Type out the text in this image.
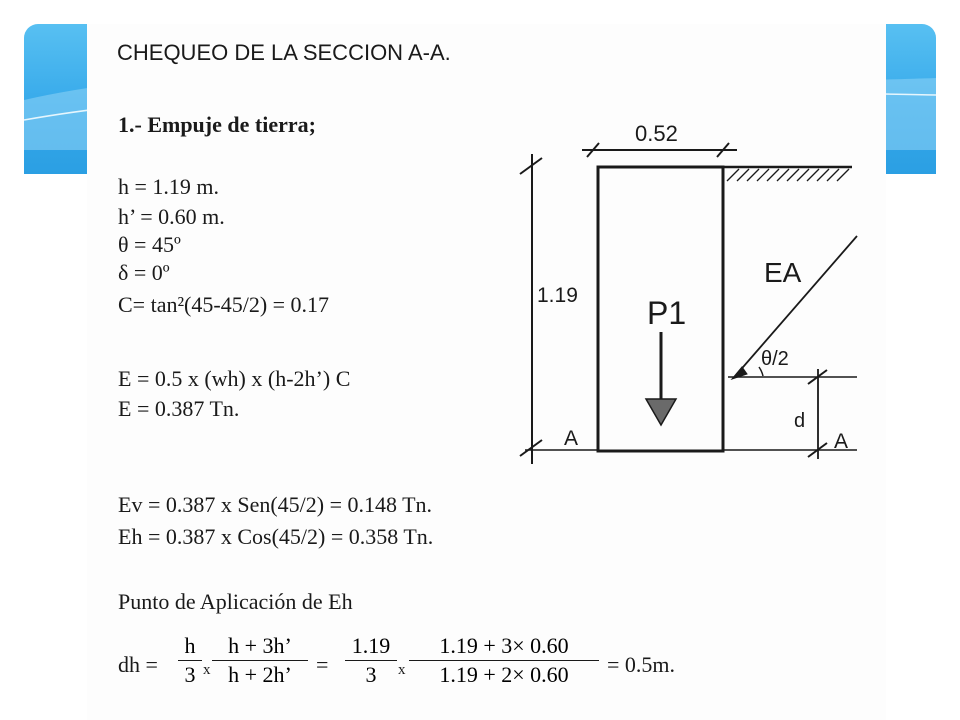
CHEQUEO DE LA SECCION A-A.
1.- Empuje de tierra;
h = 1.19 m.
h’ = 0.60 m.
θ = 45º
δ = 0º
C= tan²(45-45/2) = 0.17
E = 0.5 x (wh) x (h-2h’) C
E = 0.387 Tn.
Ev = 0.387 x Sen(45/2) = 0.148 Tn.
Eh = 0.387 x Cos(45/2) = 0.358 Tn.
Punto de Aplicación de Eh
dh = $\frac{h}{3}$ x $\frac{h + 3h’}{h + 2h’} = \frac{1.19}{3}$ x $\frac{1.19 + 3\times 0.60}{1.19 + 2\times 0.60} = 0.5m$.
0.52
1.19 P1
EA
θ/2
d
A	A
